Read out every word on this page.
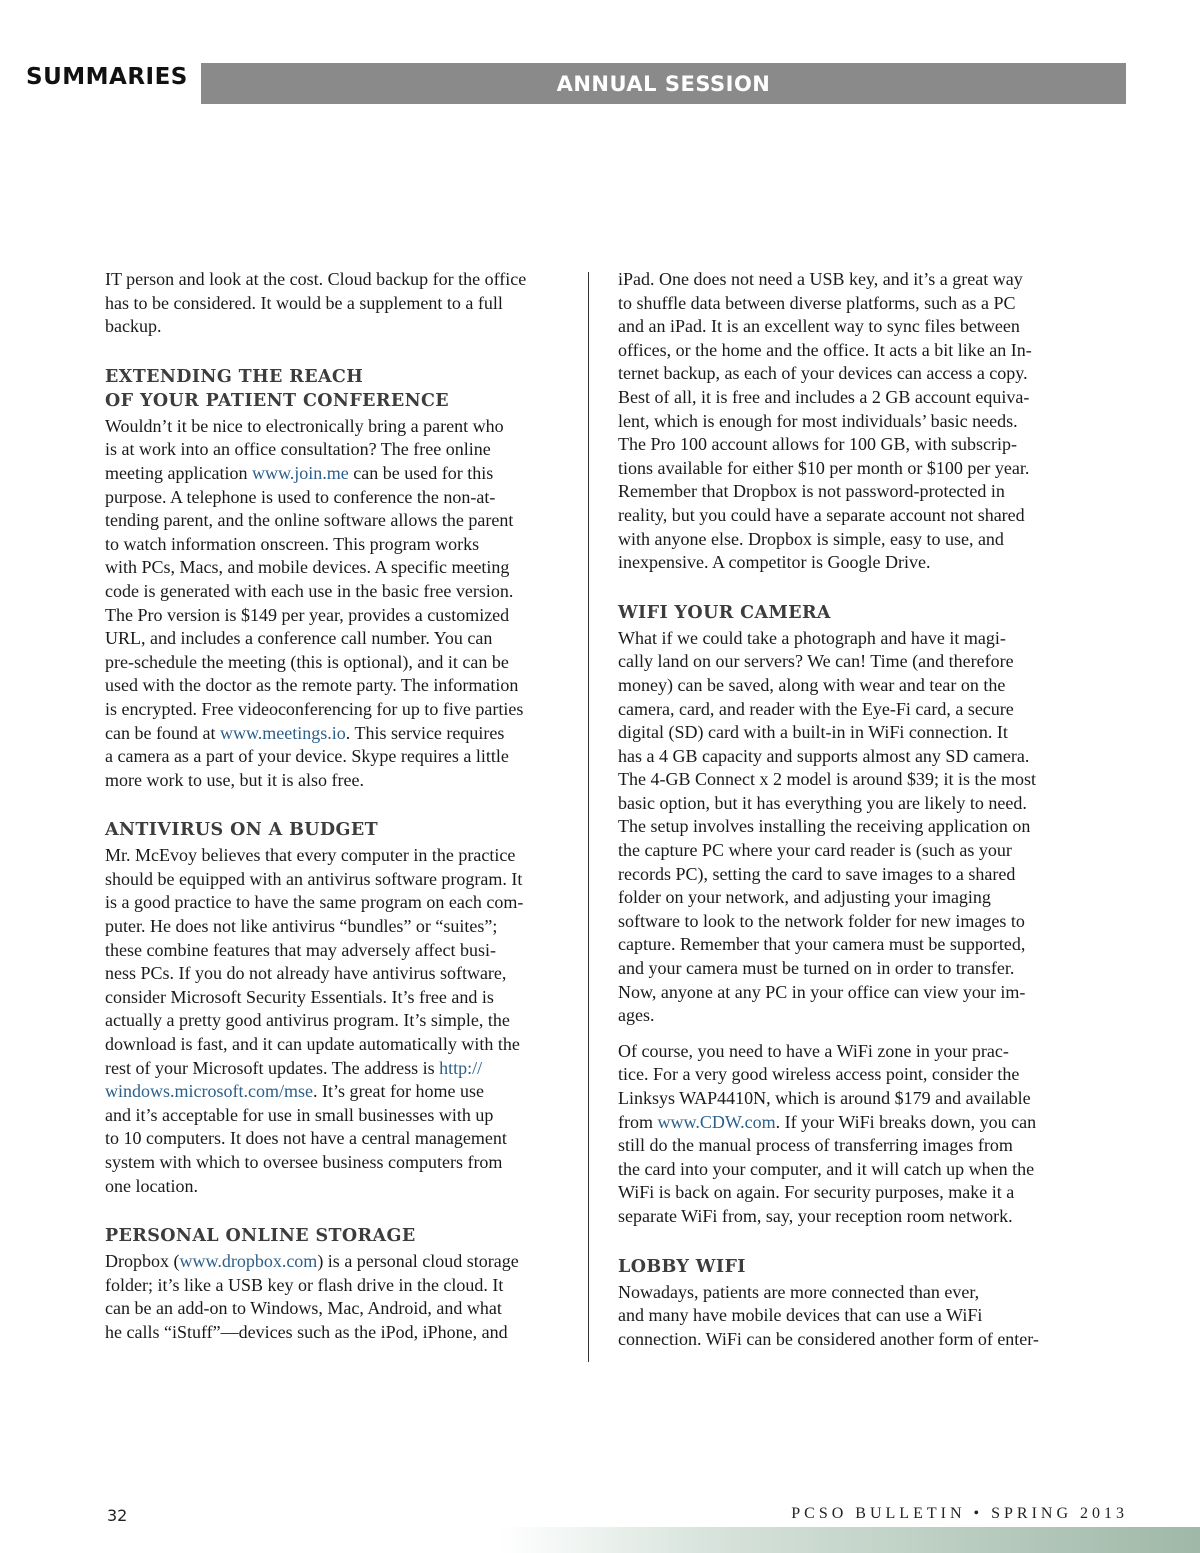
SUMMARIES	ANNUAL SESSION

IT person and look at the cost. Cloud backup for the office
has to be considered. It would be a supplement to a full
backup.

EXTENDING THE REACH
OF YOUR PATIENT CONFERENCE

Wouldn’t it be nice to electronically bring a parent who
is at work into an office consultation? The free online
meeting application www.join.me can be used for this
purpose. A telephone is used to conference the non-at-
tending parent, and the online software allows the parent
to watch information onscreen. This program works
with PCs, Macs, and mobile devices. A specific meeting
code is generated with each use in the basic free version.
The Pro version is $149 per year, provides a customized
URL, and includes a conference call number. You can
pre-schedule the meeting (this is optional), and it can be
used with the doctor as the remote party. The information
is encrypted. Free videoconferencing for up to five parties
can be found at www.meetings.io. This service requires
a camera as a part of your device. Skype requires a little
more work to use, but it is also free.

ANTIVIRUS ON A BUDGET

Mr. McEvoy believes that every computer in the practice
should be equipped with an antivirus software program. It
is a good practice to have the same program on each com-
puter. He does not like antivirus “bundles” or “suites”;
these combine features that may adversely affect busi-
ness PCs. If you do not already have antivirus software,
consider Microsoft Security Essentials. It’s free and is
actually a pretty good antivirus program. It’s simple, the
download is fast, and it can update automatically with the
rest of your Microsoft updates. The address is http://
windows.microsoft.com/mse. It’s great for home use
and it’s acceptable for use in small businesses with up
to 10 computers. It does not have a central management
system with which to oversee business computers from
one location.

PERSONAL ONLINE STORAGE

Dropbox (www.dropbox.com) is a personal cloud storage
folder; it’s like a USB key or flash drive in the cloud. It
can be an add-on to Windows, Mac, Android, and what
he calls “iStuff”—devices such as the iPod, iPhone, and

iPad. One does not need a USB key, and it’s a great way
to shuffle data between diverse platforms, such as a PC
and an iPad. It is an excellent way to sync files between
offices, or the home and the office. It acts a bit like an In-
ternet backup, as each of your devices can access a copy.
Best of all, it is free and includes a 2 GB account equiva-
lent, which is enough for most individuals’ basic needs.
The Pro 100 account allows for 100 GB, with subscrip-
tions available for either $10 per month or $100 per year.
Remember that Dropbox is not password-protected in
reality, but you could have a separate account not shared
with anyone else. Dropbox is simple, easy to use, and
inexpensive. A competitor is Google Drive.

WIFI YOUR CAMERA

What if we could take a photograph and have it magi-
cally land on our servers? We can! Time (and therefore
money) can be saved, along with wear and tear on the
camera, card, and reader with the Eye-Fi card, a secure
digital (SD) card with a built-in in WiFi connection. It
has a 4 GB capacity and supports almost any SD camera.
The 4-GB Connect x 2 model is around $39; it is the most
basic option, but it has everything you are likely to need.
The setup involves installing the receiving application on
the capture PC where your card reader is (such as your
records PC), setting the card to save images to a shared
folder on your network, and adjusting your imaging
software to look to the network folder for new images to
capture. Remember that your camera must be supported,
and your camera must be turned on in order to transfer.
Now, anyone at any PC in your office can view your im-
ages.

Of course, you need to have a WiFi zone in your prac-
tice. For a very good wireless access point, consider the
Linksys WAP4410N, which is around $179 and available
from www.CDW.com. If your WiFi breaks down, you can
still do the manual process of transferring images from
the card into your computer, and it will catch up when the
WiFi is back on again. For security purposes, make it a
separate WiFi from, say, your reception room network.

LOBBY WIFI

Nowadays, patients are more connected than ever,
and many have mobile devices that can use a WiFi
connection. WiFi can be considered another form of enter-

32	PCSO BULLETIN • SPRING 2013
